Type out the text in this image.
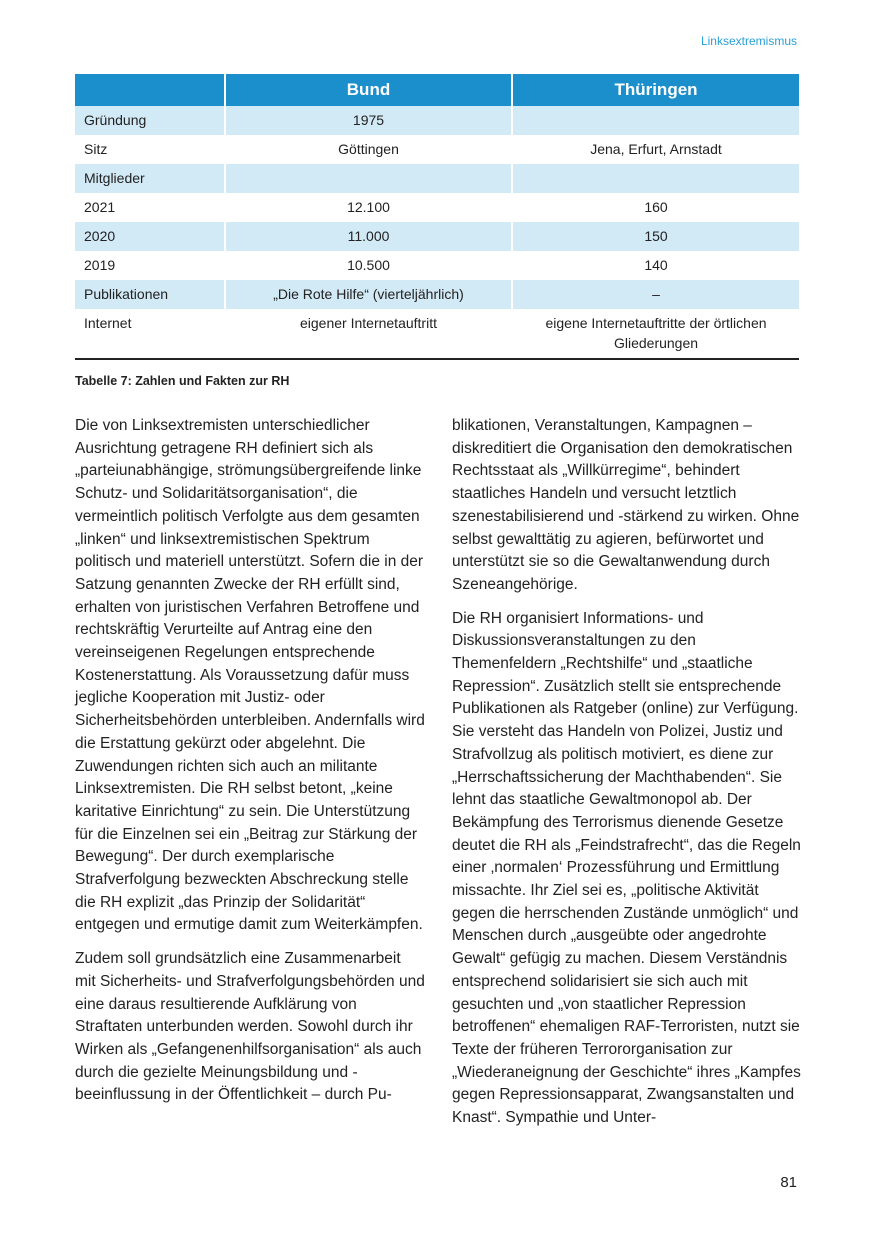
Linksextremismus
	Bund	Thüringen
Gründung	1975	
Sitz	Göttingen	Jena, Erfurt, Arnstadt
Mitglieder		
2021	12.100	160
2020	11.000	150
2019	10.500	140
Publikationen	„Die Rote Hilfe“ (vierteljährlich)	–
Internet	eigener Internetauftritt	eigene Internetauftritte der örtlichen Gliederungen
Tabelle 7: Zahlen und Fakten zur RH

Die von Linksextremisten unterschiedlicher Ausrichtung getragene RH definiert sich als „parteiunabhängige, strömungsübergreifende linke Schutz- und Solidaritätsorganisation“, die vermeintlich politisch Verfolgte aus dem gesamten „linken“ und linksextremistischen Spektrum politisch und materiell unterstützt. Sofern die in der Satzung genannten Zwecke der RH erfüllt sind, erhalten von juristischen Verfahren Betroffene und rechtskräftig Verurteilte auf Antrag eine den vereinseigenen Regelungen entsprechende Kostenerstattung. Als Voraussetzung dafür muss jegliche Kooperation mit Justiz- oder Sicherheitsbehörden unterbleiben. Andernfalls wird die Erstattung gekürzt oder abgelehnt. Die Zuwendungen richten sich auch an militante Linksextremisten. Die RH selbst betont, „keine karitative Einrichtung“ zu sein. Die Unterstützung für die Einzelnen sei ein „Beitrag zur Stärkung der Bewegung“. Der durch exemplarische Strafverfolgung bezweckten Abschreckung stelle die RH explizit „das Prinzip der Solidarität“ entgegen und ermutige damit zum Weiterkämpfen.

Zudem soll grundsätzlich eine Zusammenarbeit mit Sicherheits- und Strafverfolgungsbehörden und eine daraus resultierende Aufklärung von Straftaten unterbunden werden. Sowohl durch ihr Wirken als „Gefangenenhilfsorganisation“ als auch durch die gezielte Meinungsbildung und -beeinflussung in der Öffentlichkeit – durch Pu-

blikationen, Veranstaltungen, Kampagnen – diskreditiert die Organisation den demokratischen Rechtsstaat als „Willkürregime“, behindert staatliches Handeln und versucht letztlich szenestabilisierend und -stärkend zu wirken. Ohne selbst gewalttätig zu agieren, befürwortet und unterstützt sie so die Gewaltanwendung durch Szeneangehörige.

Die RH organisiert Informations- und Diskussionsveranstaltungen zu den Themenfeldern „Rechtshilfe“ und „staatliche Repression“. Zusätzlich stellt sie entsprechende Publikationen als Ratgeber (online) zur Verfügung. Sie versteht das Handeln von Polizei, Justiz und Strafvollzug als politisch motiviert, es diene zur „Herrschaftssicherung der Machthabenden“. Sie lehnt das staatliche Gewaltmonopol ab. Der Bekämpfung des Terrorismus dienende Gesetze deutet die RH als „Feindstrafrecht“, das die Regeln einer ‚normalen‘ Prozessführung und Ermittlung missachte. Ihr Ziel sei es, „politische Aktivität gegen die herrschenden Zustände unmöglich“ und Menschen durch „ausgeübte oder angedrohte Gewalt“ gefügig zu machen. Diesem Verständnis entsprechend solidarisiert sie sich auch mit gesuchten und „von staatlicher Repression betroffenen“ ehemaligen RAF-Terroristen, nutzt sie Texte der früheren Terrororganisation zur „Wiederaneignung der Geschichte“ ihres „Kampfes gegen Repressionsapparat, Zwangsanstalten und Knast“. Sympathie und Unter-

81
